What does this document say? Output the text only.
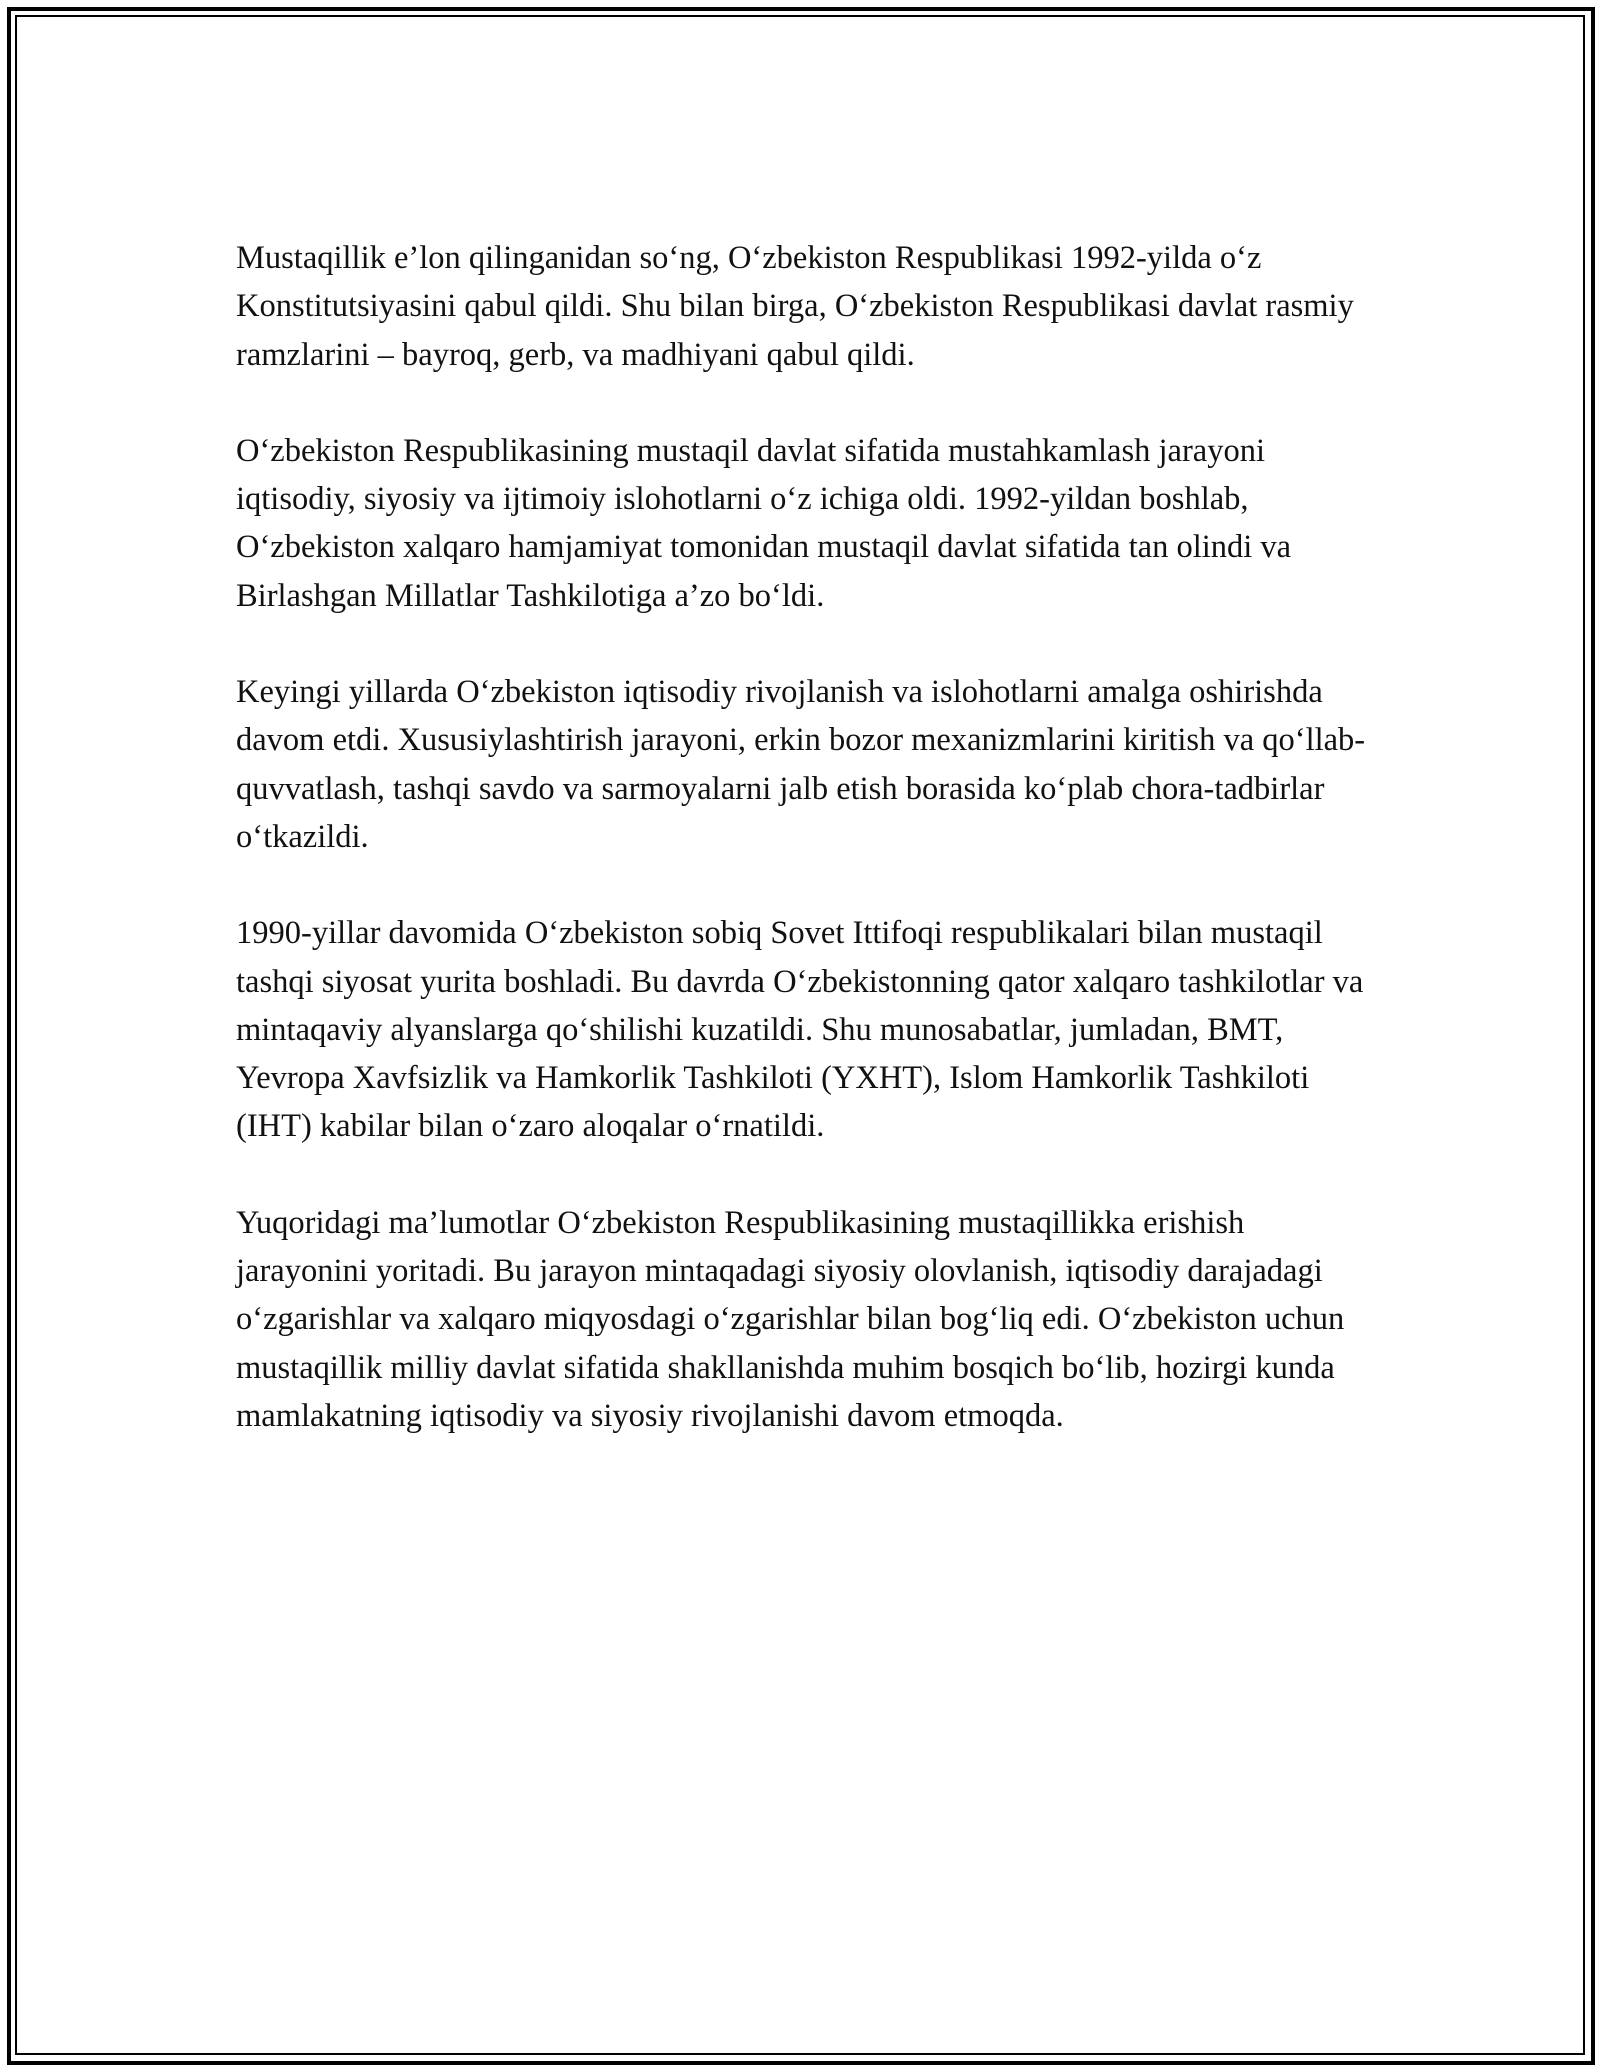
Mustaqillik e’lon qilinganidan so‘ng, O‘zbekiston Respublikasi 1992-yilda o‘z Konstitutsiyasini qabul qildi. Shu bilan birga, O‘zbekiston Respublikasi davlat rasmiy ramzlarini – bayroq, gerb, va madhiyani qabul qildi.

O‘zbekiston Respublikasining mustaqil davlat sifatida mustahkamlash jarayoni iqtisodiy, siyosiy va ijtimoiy islohotlarni o‘z ichiga oldi. 1992-yildan boshlab, O‘zbekiston xalqaro hamjamiyat tomonidan mustaqil davlat sifatida tan olindi va Birlashgan Millatlar Tashkilotiga a’zo bo‘ldi.

Keyingi yillarda O‘zbekiston iqtisodiy rivojlanish va islohotlarni amalga oshirishda davom etdi. Xususiylashtirish jarayoni, erkin bozor mexanizmlarini kiritish va qo‘llab-quvvatlash, tashqi savdo va sarmoyalarni jalb etish borasida ko‘plab chora-tadbirlar o‘tkazildi.

1990-yillar davomida O‘zbekiston sobiq Sovet Ittifoqi respublikalari bilan mustaqil tashqi siyosat yurita boshladi. Bu davrda O‘zbekistonning qator xalqaro tashkilotlar va mintaqaviy alyanslarga qo‘shilishi kuzatildi. Shu munosabatlar, jumladan, BMT, Yevropa Xavfsizlik va Hamkorlik Tashkiloti (YXHT), Islom Hamkorlik Tashkiloti (IHT) kabilar bilan o‘zaro aloqalar o‘rnatildi.

Yuqoridagi ma’lumotlar O‘zbekiston Respublikasining mustaqillikka erishish jarayonini yoritadi. Bu jarayon mintaqadagi siyosiy olovlanish, iqtisodiy darajadagi o‘zgarishlar va xalqaro miqyosdagi o‘zgarishlar bilan bog‘liq edi. O‘zbekiston uchun mustaqillik milliy davlat sifatida shakllanishda muhim bosqich bo‘lib, hozirgi kunda mamlakatning iqtisodiy va siyosiy rivojlanishi davom etmoqda.
